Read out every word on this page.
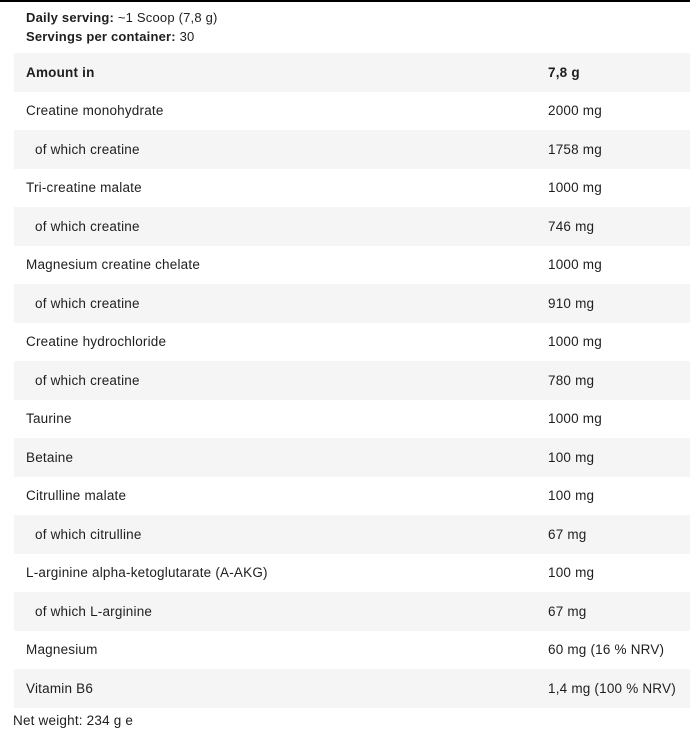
Daily serving: ~1 Scoop (7,8 g)
Servings per container: 30
Amount in	7,8 g
Creatine monohydrate	2000 mg
of which creatine	1758 mg
Tri-creatine malate	1000 mg
of which creatine	746 mg
Magnesium creatine chelate	1000 mg
of which creatine	910 mg
Creatine hydrochloride	1000 mg
of which creatine	780 mg
Taurine	1000 mg
Betaine	100 mg
Citrulline malate	100 mg
of which citrulline	67 mg
L-arginine alpha-ketoglutarate (A-AKG)	100 mg
of which L-arginine	67 mg
Magnesium	60 mg (16 % NRV)
Vitamin B6	1,4 mg (100 % NRV)
Net weight: 234 g e
